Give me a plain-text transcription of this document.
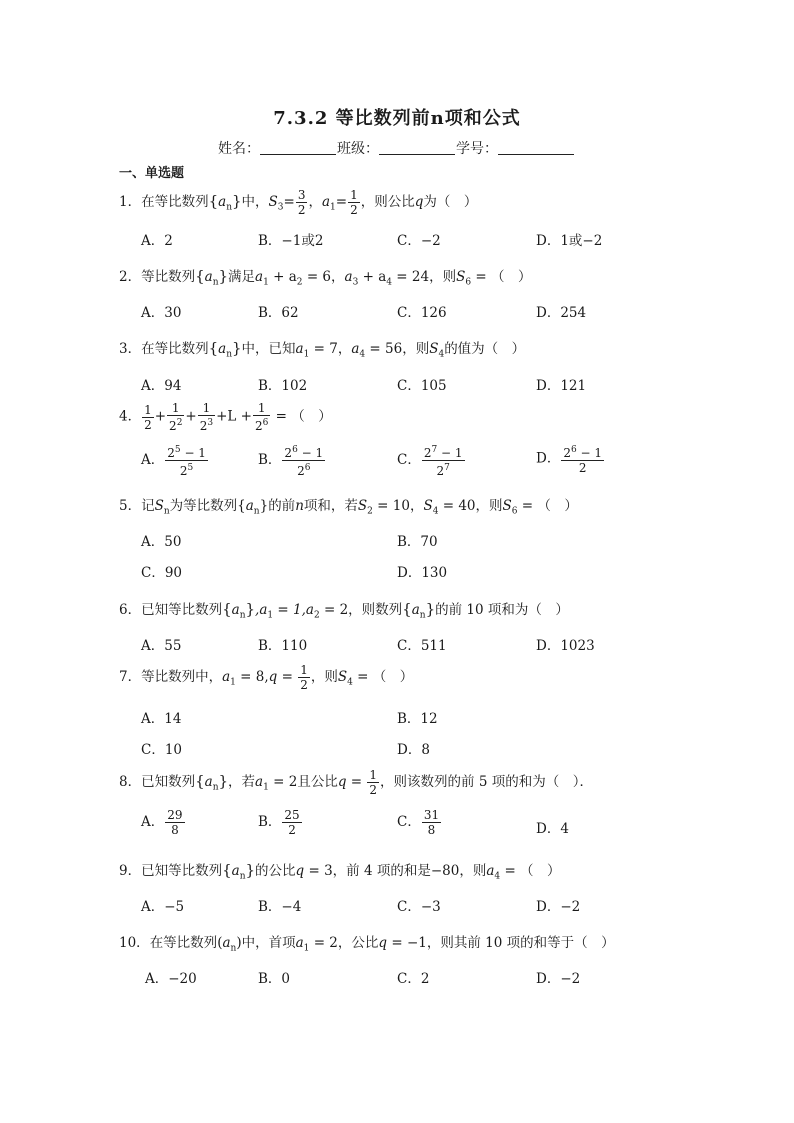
7.3.2 等比数列前n项和公式
姓名：	班级：	学号：
一、单选题
1．在等比数列$\{a_n\}$中，$S_3= \frac{3}{2}$ ，$a_1= \frac{1}{2}$ ，则公比q为（　）
A．2	B．−1或2	C．−2	D．1或−2
2．等比数列$\{a_n\}$满足$a_1 + a_2 = 6$，$a_3 + a_4 = 24$，则$S_6$ = （　）
A．30	B．62	C．126	D．254
3．在等比数列$\{a_n\}$中，已知$a_1 = 7$，$a_4 = 56$，则$S_4$的值为（　）
A．94	B．102	C．105	D．121
4． $\frac{1}{2} + \frac{1}{2^2} + \frac{1}{2^3} +L + \frac{1}{2^6}$ = （　）
A． $\frac{2^5 - 1}{2^5}$	B． $\frac{2^6 - 1}{2^6}$	C． $\frac{2^7 - 1}{2^7}$	D． $\frac{2^6 - 1}{2}$
5．记$S_n$为等比数列$\{a_n\}$的前n项和，若$S_2 = 10$，$S_4 = 40$，则$S_6$ = （　）
A．50	B．70
C．90	D．130
6．已知等比数列$\{a_n\},a_1 = 1,a_2 = 2$，则数列$\{a_n\}$的前 10 项和为（　）
A．55	B．110	C．511	D．1023
7．等比数列中，$a_1 = 8,q = \frac{1}{2}$ ，则$S_4$ = （　）
A．14	B．12
C．10	D．8
8．已知数列$\{a_n\}$，若$a_1 = 2$且公比$q = \frac{1}{2}$ ，则该数列的前 5 项的和为（　）．
A． $\frac{29}{8}$	B． $\frac{25}{2}$	C． $\frac{31}{8}$	D．4
9．已知等比数列$\{a_n\}$的公比q = 3，前 4 项的和是−80，则$a_4$ = （　）
A．−5	B．−4	C．−3	D．−2
10．在等比数列$(a_n)$中，首项$a_1 = 2$，公比q = −1，则其前 10 项的和等于（　）
A．−20	B．0	C．2	D．−2
